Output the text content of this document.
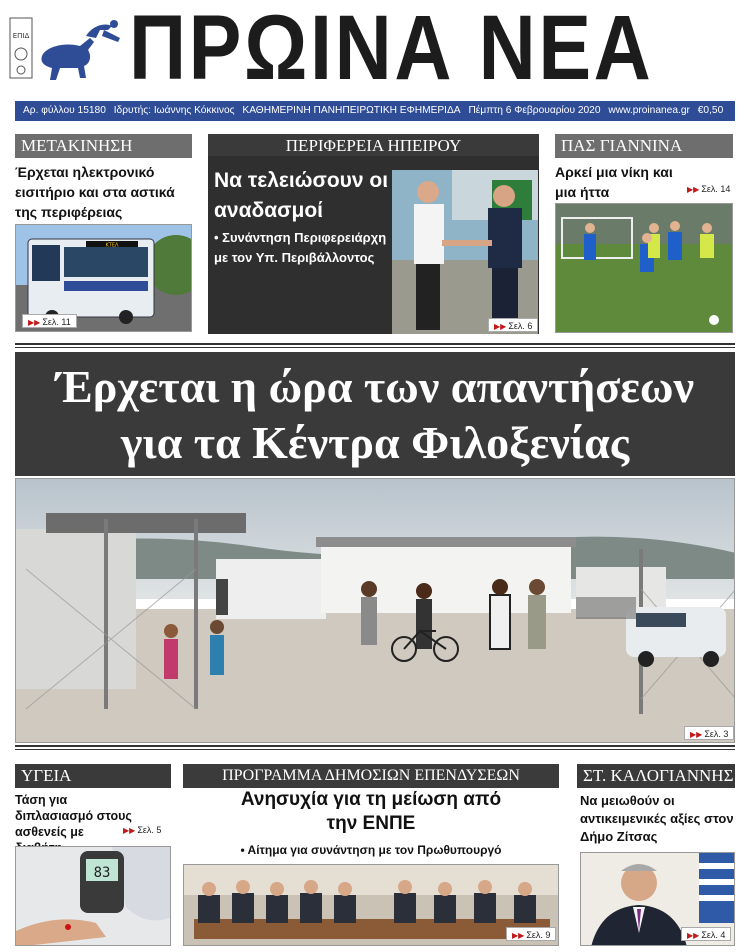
ΕΠΙΔ ΠΡΩΙΝΑ ΝΕΑ
Αρ. φύλλου 15180 Ιδρυτής: Ιωάννης Κόκκινος ΚΑΘΗΜΕΡΙΝΗ ΠΑΝΗΠΕΙΡΩΤΙΚΗ ΕΦΗΜΕΡΙΔΑ Πέμπτη 6 Φεβρουαρίου 2020 www.proinanea.gr €0,50
ΜΕΤΑΚΙΝΗΣΗ
Έρχεται ηλεκτρονικό εισιτήριο και στα αστικά της περιφέρειας
ΚΤΕΛ
▶▶ Σελ. 11
ΠΕΡΙΦΕΡΕΙΑ ΗΠΕΙΡΟΥ
Να τελειώσουν οι αναδασμοί
• Συνάντηση Περιφερειάρχη με τον Υπ. Περιβάλλοντος
▶▶ Σελ. 6
ΠΑΣ ΓΙΑΝΝΙΝΑ
Αρκεί μια νίκη και μια ήττα	▶▶ Σελ. 14
Έρχεται η ώρα των απαντήσεων
για τα Κέντρα Φιλοξενίας
▶▶ Σελ. 3
ΥΓΕΙΑ
Τάση για διπλασιασμό στους ασθενείς με	▶▶ Σελ. 5
83
ΠΡΟΓΡΑΜΜΑ ΔΗΜΟΣΙΩΝ ΕΠΕΝΔΥΣΕΩΝ
Ανησυχία για τη μείωση από την ΕΝΠΕ
• Αίτημα για συνάντηση με τον Πρωθυπουργό
▶▶ Σελ. 9
ΣΤ. ΚΑΛΟΓΙΑΝΝΗΣ
Να μειωθούν οι αντικειμενικές αξίες στον Δήμο Ζίτσας
▶▶ Σελ. 4
